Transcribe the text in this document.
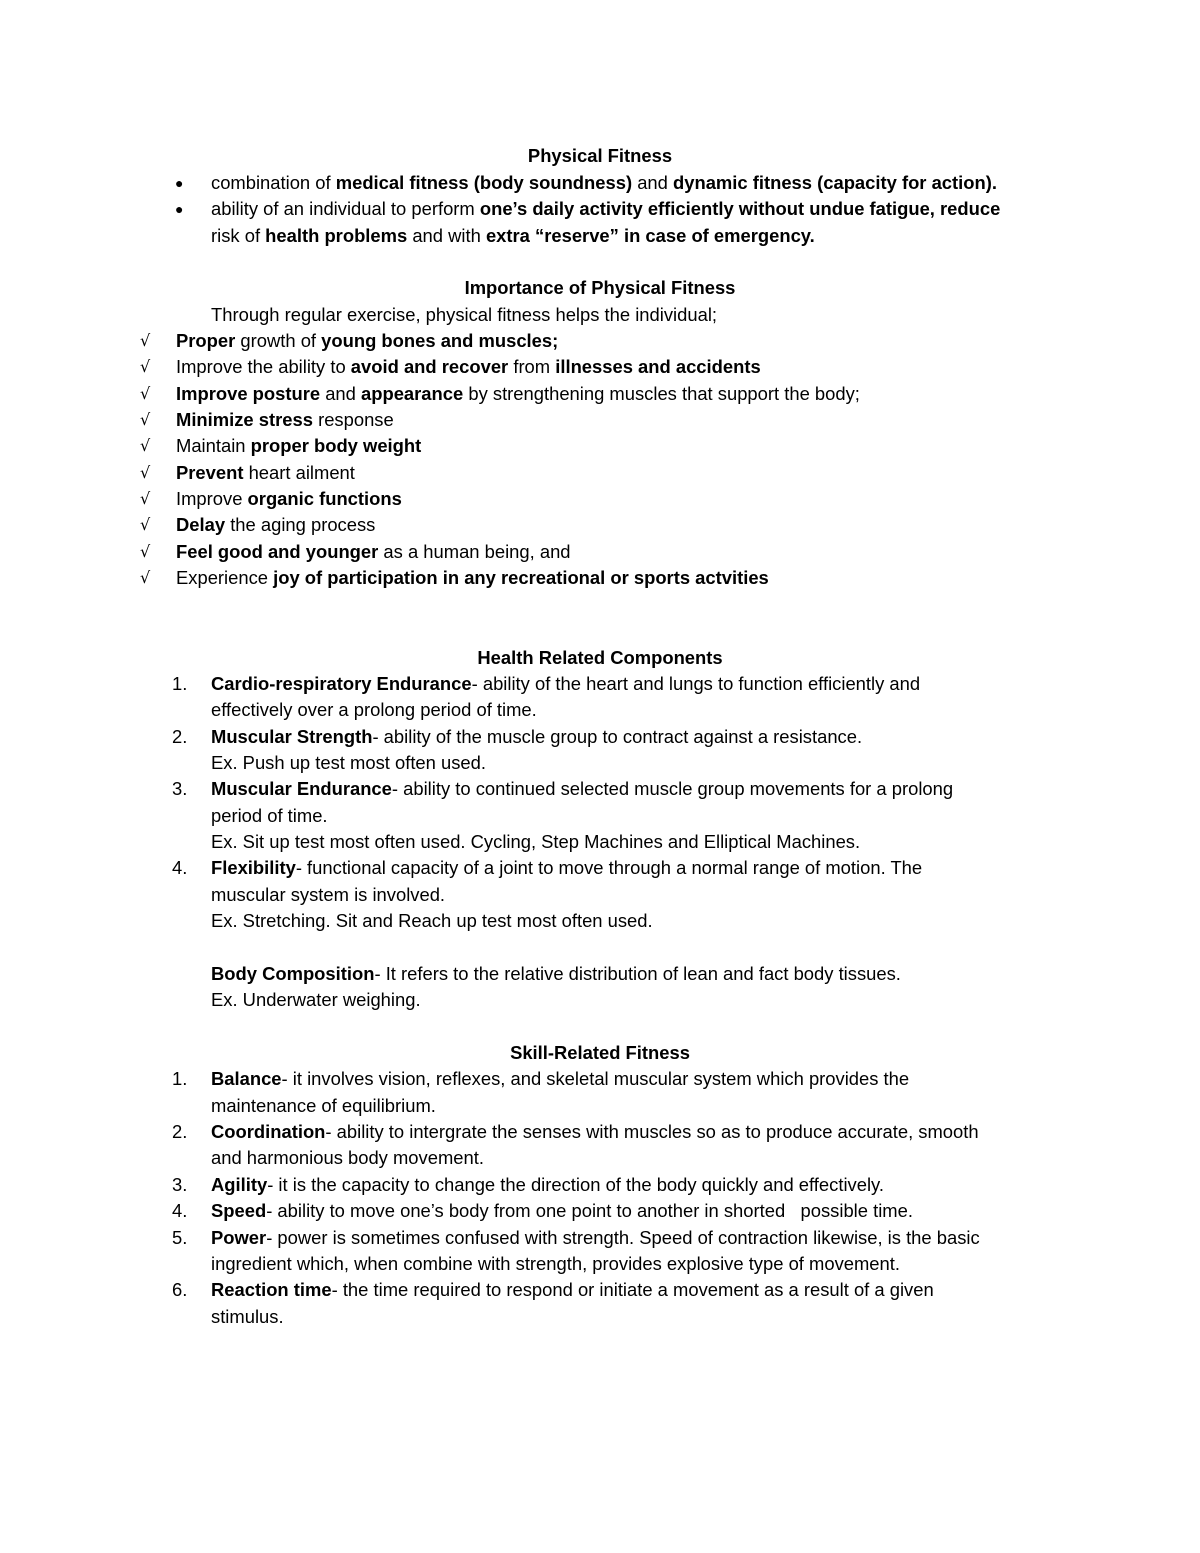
Physical Fitness
● combination of medical fitness (body soundness) and dynamic fitness (capacity for action).
● ability of an individual to perform one’s daily activity efficiently without undue fatigue, reduce
risk of health problems and with extra “reserve” in case of emergency.
Importance of Physical Fitness
Through regular exercise, physical fitness helps the individual;
√ Proper growth of young bones and muscles;
√ Improve the ability to avoid and recover from illnesses and accidents
√ Improve posture and appearance by strengthening muscles that support the body;
√ Minimize stress response
√ Maintain proper body weight
√ Prevent heart ailment
√ Improve organic functions
√ Delay the aging process
√ Feel good and younger as a human being, and
√ Experience joy of participation in any recreational or sports actvities
Health Related Components
1. Cardio-respiratory Endurance- ability of the heart and lungs to function efficiently and
effectively over a prolong period of time.
2. Muscular Strength- ability of the muscle group to contract against a resistance.
Ex. Push up test most often used.
3. Muscular Endurance- ability to continued selected muscle group movements for a prolong
period of time.
Ex. Sit up test most often used. Cycling, Step Machines and Elliptical Machines.
4. Flexibility- functional capacity of a joint to move through a normal range of motion. The
muscular system is involved.
Ex. Stretching. Sit and Reach up test most often used.
Body Composition- It refers to the relative distribution of lean and fact body tissues.
Ex. Underwater weighing.
Skill-Related Fitness
1. Balance- it involves vision, reflexes, and skeletal muscular system which provides the
maintenance of equilibrium.
2. Coordination- ability to intergrate the senses with muscles so as to produce accurate, smooth
and harmonious body movement.
3. Agility- it is the capacity to change the direction of the body quickly and effectively.
4. Speed- ability to move one’s body from one point to another in shorted   possible time.
5. Power- power is sometimes confused with strength. Speed of contraction likewise, is the basic
ingredient which, when combine with strength, provides explosive type of movement.
6. Reaction time- the time required to respond or initiate a movement as a result of a given
stimulus.
